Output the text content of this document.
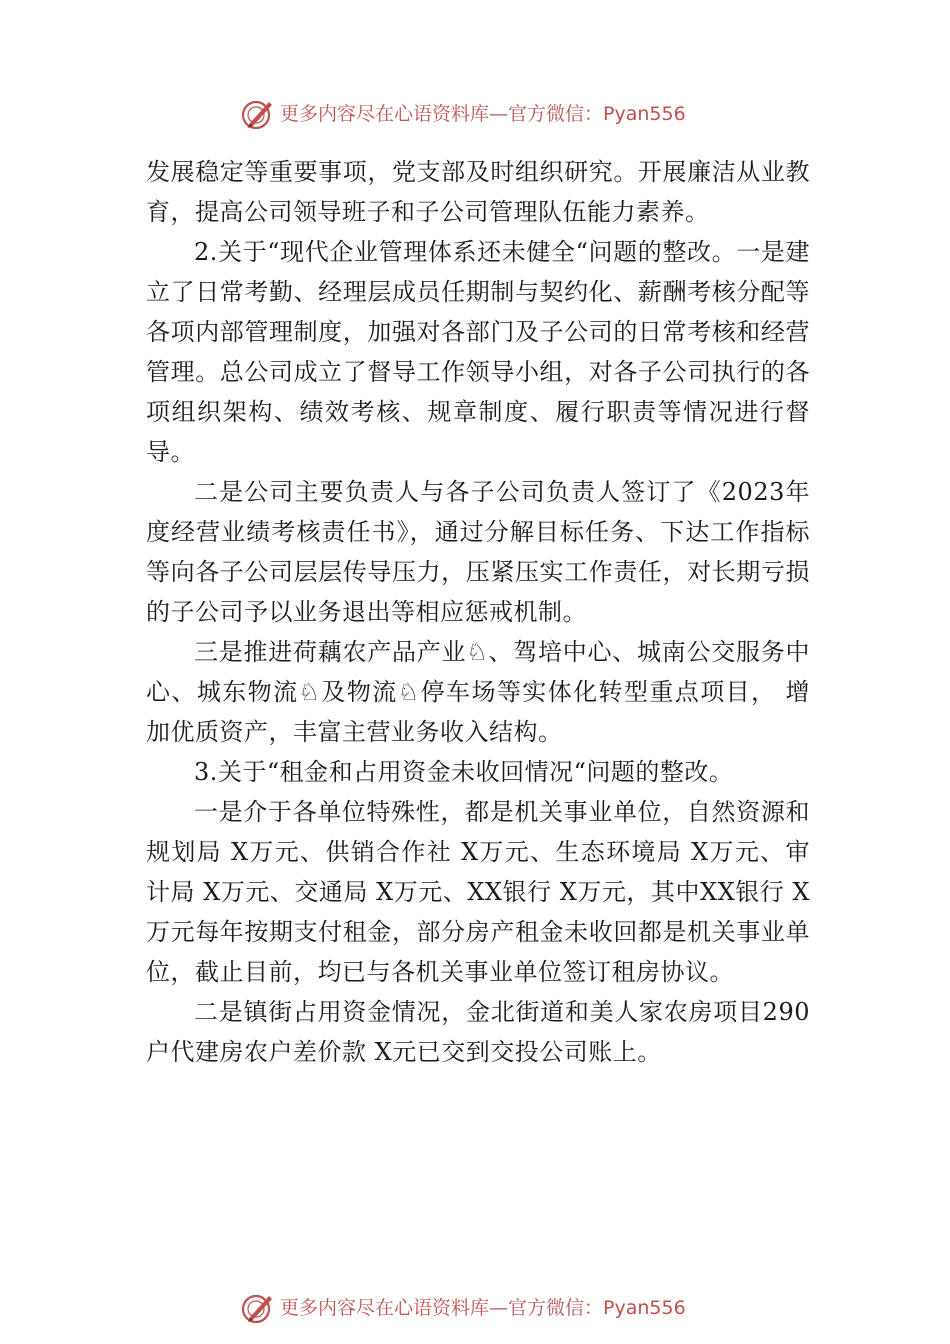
更多内容尽在心语资料库—官方微信：Pyan556

发展稳定等重要事项，党支部及时组织研究。开展廉洁从业教育，提高公司领导班子和子公司管理队伍能力素养。

2.关于“现代企业管理体系还未健全“问题的整改。一是建立了日常考勤、经理层成员任期制与契约化、薪酬考核分配等各项内部管理制度，加强对各部门及子公司的日常考核和经营管理。总公司成立了督导工作领导小组，对各子公司执行的各项组织架构、绩效考核、规章制度、履行职责等情况进行督导。

二是公司主要负责人与各子公司负责人签订了《2023年度经营业绩考核责任书》，通过分解目标任务、下达工作指标等向各子公司层层传导压力，压紧压实工作责任，对长期亏损的子公司予以业务退出等相应惩戒机制。

三是推进荷藕农产品产业♘、驾培中心、城南公交服务中心、城东物流♘及物流♘停车场等实体化转型重点项目， 增加优质资产，丰富主营业务收入结构。

3.关于“租金和占用资金未收回情况“问题的整改。

一是介于各单位特殊性，都是机关事业单位，自然资源和规划局 X万元、供销合作社 X万元、生态环境局 X万元、审计局 X万元、交通局 X万元、XX银行 X万元，其中XX银行 X万元每年按期支付租金，部分房产租金未收回都是机关事业单位，截止目前，均已与各机关事业单位签订租房协议。

二是镇街占用资金情况，金北街道和美人家农房项目290户代建房农户差价款 X元已交到交投公司账上。

更多内容尽在心语资料库—官方微信：Pyan556
